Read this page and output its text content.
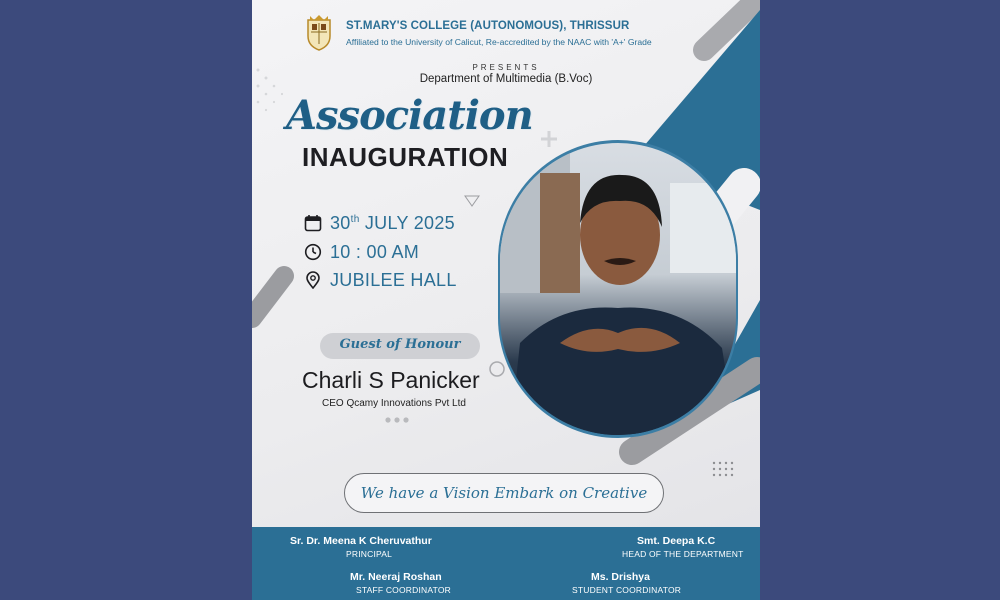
ST.MARY'S COLLEGE (AUTONOMOUS), THRISSUR
Affiliated to the University of Calicut, Re-accredited by the NAAC with 'A+' Grade
PRESENTS
Department of Multimedia (B.Voc)
Association
INAUGURATION
30th JULY 2025
10 : 00 AM
JUBILEE HALL
Guest of Honour
Charli S Panicker
CEO Qcamy Innovations Pvt Ltd
We have a Vision Embark on Creative
Sr. Dr. Meena K Cheruvathur
PRINCIPAL
Smt. Deepa K.C
HEAD OF THE DEPARTMENT
Mr. Neeraj Roshan
STAFF COORDINATOR
Ms. Drishya
STUDENT COORDINATOR
